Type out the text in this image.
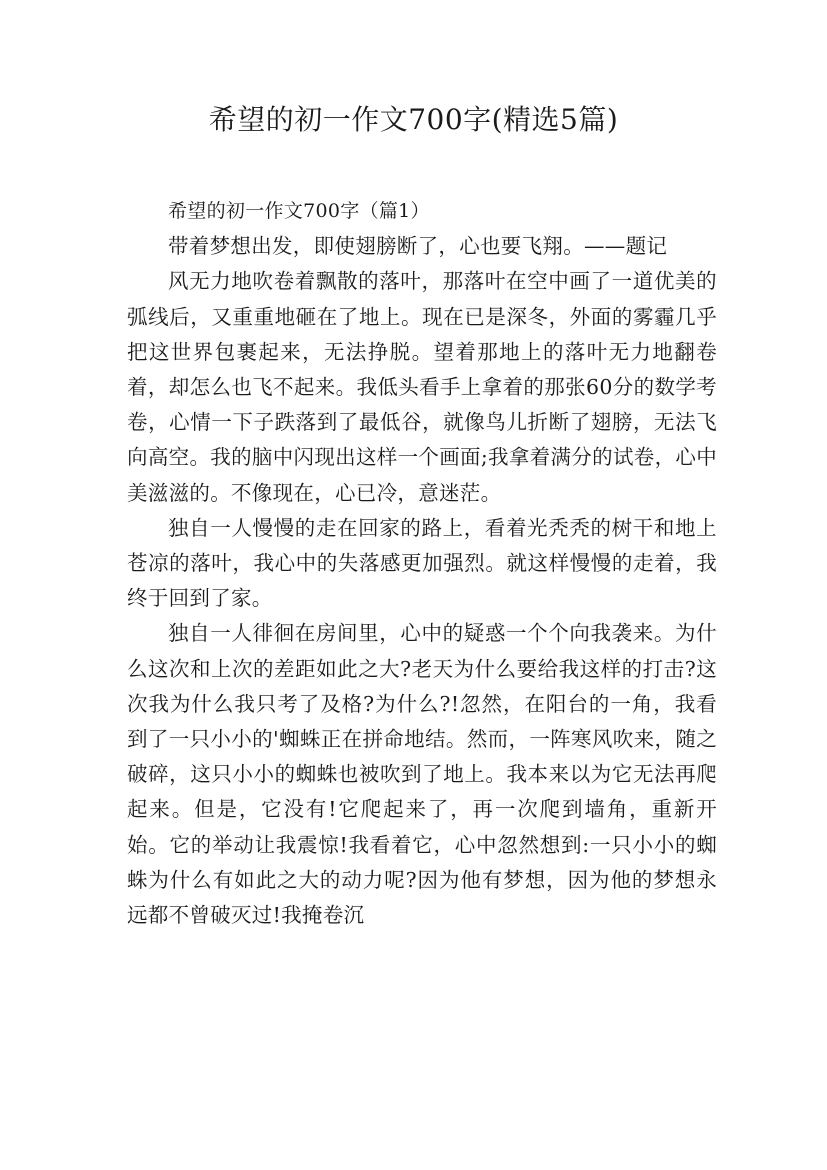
希望的初一作文700字(精选5篇)

希望的初一作文700字（篇1）

带着梦想出发，即使翅膀断了，心也要飞翔。——题记

风无力地吹卷着飘散的落叶，那落叶在空中画了一道优美的弧线后，又重重地砸在了地上。现在已是深冬，外面的雾霾几乎把这世界包裹起来，无法挣脱。望着那地上的落叶无力地翻卷着，却怎么也飞不起来。我低头看手上拿着的那张60分的数学考卷，心情一下子跌落到了最低谷，就像鸟儿折断了翅膀，无法飞向高空。我的脑中闪现出这样一个画面;我拿着满分的试卷，心中美滋滋的。不像现在，心已冷，意迷茫。

独自一人慢慢的走在回家的路上，看着光秃秃的树干和地上苍凉的落叶，我心中的失落感更加强烈。就这样慢慢的走着，我终于回到了家。

独自一人徘徊在房间里，心中的疑惑一个个向我袭来。为什么这次和上次的差距如此之大?老天为什么要给我这样的打击?这次我为什么我只考了及格?为什么?!忽然，在阳台的一角，我看到了一只小小的'蜘蛛正在拼命地结。然而，一阵寒风吹来，随之破碎，这只小小的蜘蛛也被吹到了地上。我本来以为它无法再爬起来。但是，它没有!它爬起来了，再一次爬到墙角，重新开始。它的举动让我震惊!我看着它，心中忽然想到:一只小小的蜘蛛为什么有如此之大的动力呢?因为他有梦想，因为他的梦想永远都不曾破灭过!我掩卷沉
